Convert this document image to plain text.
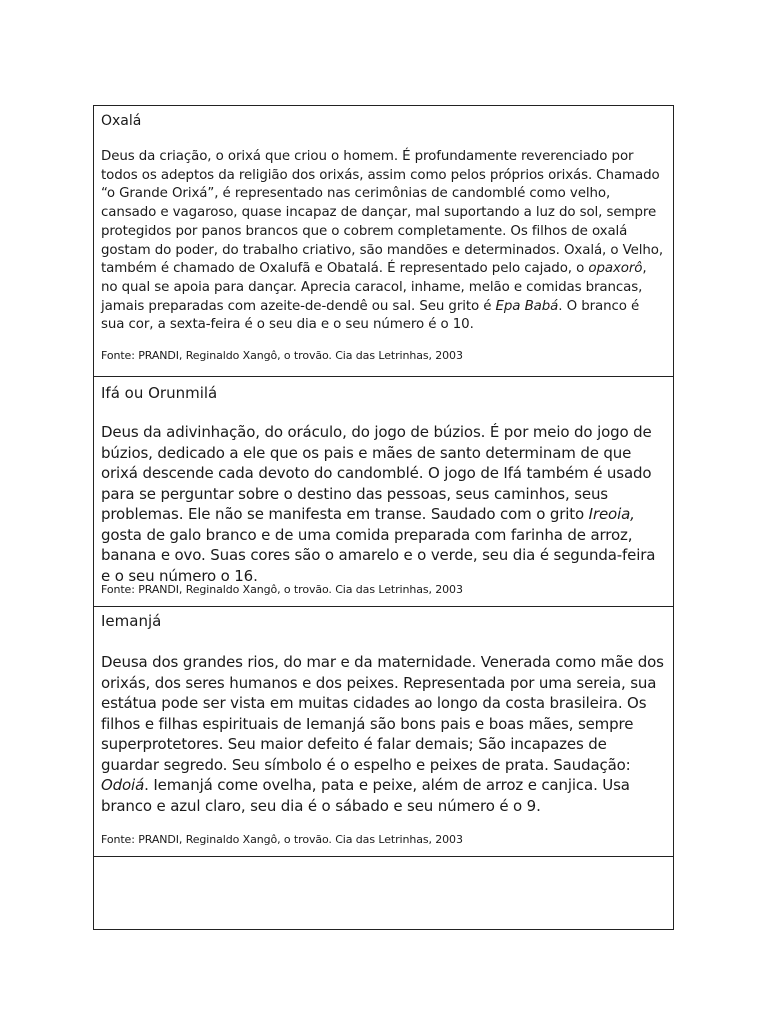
Oxalá

Deus da criação, o orixá que criou o homem. É profundamente reverenciado por todos os adeptos da religião dos orixás, assim como pelos próprios orixás. Chamado “o Grande Orixá”, é representado nas cerimônias de candomblé como velho, cansado e vagaroso, quase incapaz de dançar, mal suportando a luz do sol, sempre protegidos por panos brancos que o cobrem completamente. Os filhos de oxalá gostam do poder, do trabalho criativo, são mandões e determinados. Oxalá, o Velho, também é chamado de Oxalufã e Obatalá. É representado pelo cajado, o opaxorô, no qual se apoia para dançar. Aprecia caracol, inhame, melão e comidas brancas, jamais preparadas com azeite-de-dendê ou sal. Seu grito é Epa Babá. O branco é sua cor, a sexta-feira é o seu dia e o seu número é o 10.

Fonte: PRANDI, Reginaldo Xangô, o trovão. Cia das Letrinhas, 2003

Ifá ou Orunmilá

Deus da adivinhação, do oráculo, do jogo de búzios. É por meio do jogo de búzios, dedicado a ele que os pais e mães de santo determinam de que orixá descende cada devoto do candomblé. O jogo de Ifá também é usado para se perguntar sobre o destino das pessoas, seus caminhos, seus problemas. Ele não se manifesta em transe. Saudado com o grito Ireoia, gosta de galo branco e de uma comida preparada com farinha de arroz, banana e ovo. Suas cores são o amarelo e o verde, seu dia é segunda-feira e o seu número o 16.

Fonte: PRANDI, Reginaldo Xangô, o trovão. Cia das Letrinhas, 2003

Iemanjá

Deusa dos grandes rios, do mar e da maternidade. Venerada como mãe dos orixás, dos seres humanos e dos peixes. Representada por uma sereia, sua estátua pode ser vista em muitas cidades ao longo da costa brasileira. Os filhos e filhas espirituais de Iemanjá são bons pais e boas mães, sempre superprotetores. Seu maior defeito é falar demais; São incapazes de guardar segredo. Seu símbolo é o espelho e peixes de prata. Saudação: Odoiá. Iemanjá come ovelha, pata e peixe, além de arroz e canjica. Usa branco e azul claro, seu dia é o sábado e seu número é o 9.

Fonte: PRANDI, Reginaldo Xangô, o trovão. Cia das Letrinhas, 2003
